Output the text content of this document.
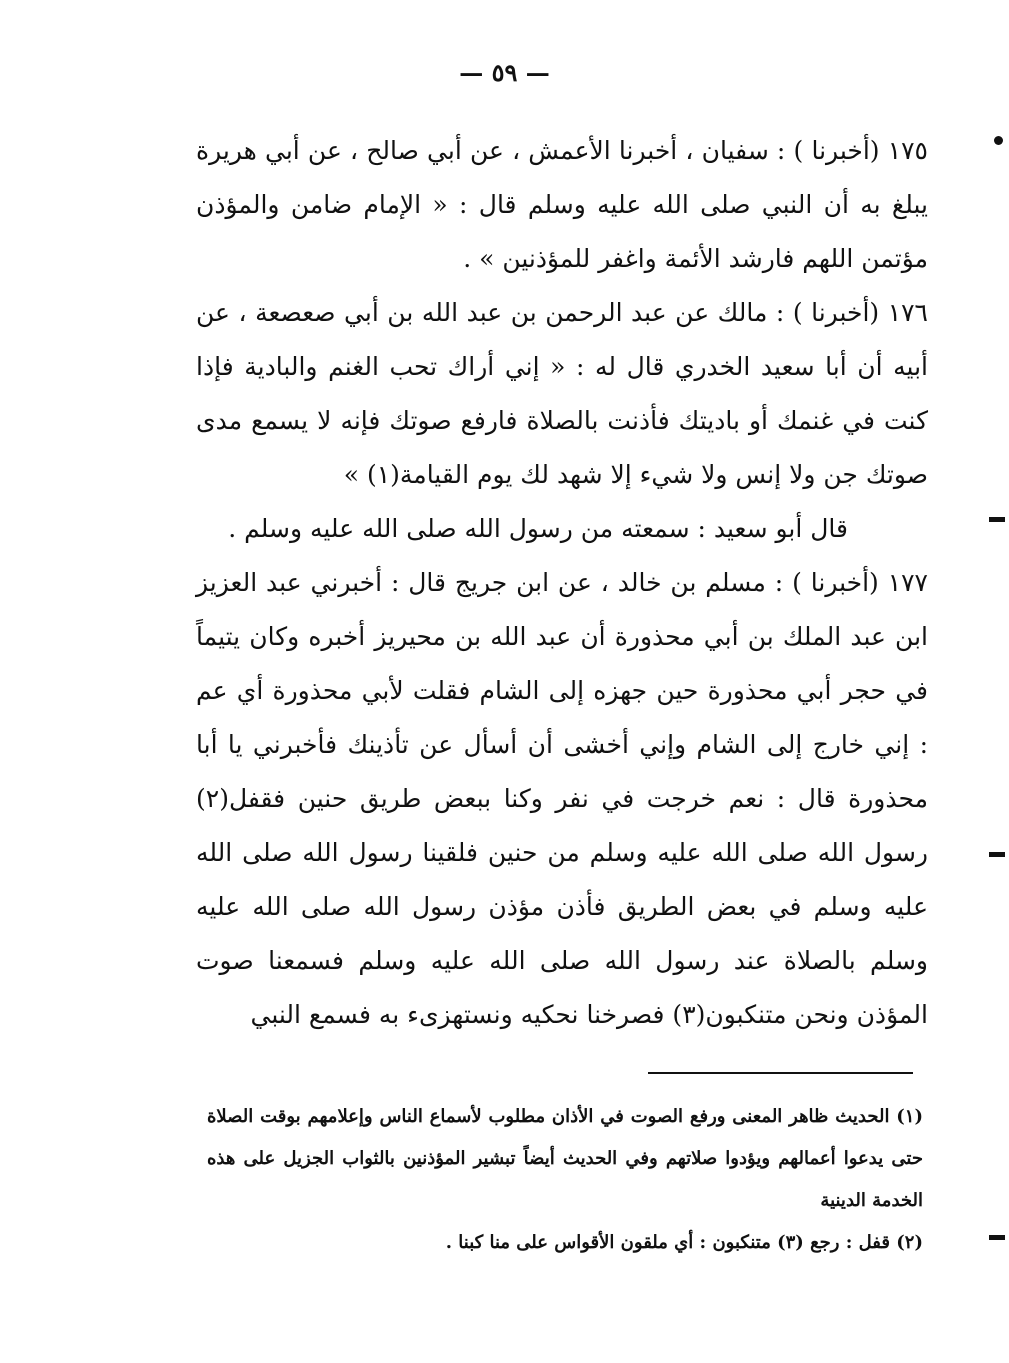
— ٥٩ —

١٧٥ (أخبرنا ) : سفيان ، أخبرنا الأعمش ، عن أبي صالح ، عن أبي هريرة يبلغ به أن النبي صلى الله عليه وسلم قال : « الإمام ضامن والمؤذن مؤتمن اللهم فارشد الأئمة واغفر للمؤذنين » .

١٧٦ (أخبرنا ) : مالك عن عبد الرحمن بن عبد الله بن أبي صعصعة ، عن أبيه أن أبا سعيد الخدري قال له : « إني أراك تحب الغنم والبادية فإذا كنت في غنمك أو باديتك فأذنت بالصلاة فارفع صوتك فإنه لا يسمع مدى صوتك جن ولا إنس ولا شيء إلا شهد لك يوم القيامة(١) »

قال أبو سعيد : سمعته من رسول الله صلى الله عليه وسلم .

١٧٧ (أخبرنا ) : مسلم بن خالد ، عن ابن جريج قال : أخبرني عبد العزيز ابن عبد الملك بن أبي محذورة أن عبد الله بن محيريز أخبره وكان يتيماً في حجر أبي محذورة حين جهزه إلى الشام فقلت لأبي محذورة أي عم : إني خارج إلى الشام وإني أخشى أن أسأل عن تأذينك فأخبرني يا أبا محذورة قال : نعم خرجت في نفر وكنا ببعض طريق حنين فقفل(٢) رسول الله صلى الله عليه وسلم من حنين فلقينا رسول الله صلى الله عليه وسلم في بعض الطريق فأذن مؤذن رسول الله صلى الله عليه وسلم بالصلاة عند رسول الله صلى الله عليه وسلم فسمعنا صوت المؤذن ونحن متنكبون(٣) فصرخنا نحكيه ونستهزىء به فسمع النبي

(١) الحديث ظاهر المعنى ورفع الصوت في الأذان مطلوب لأسماع الناس وإعلامهم بوقت الصلاة حتى يدعوا أعمالهم ويؤدوا صلاتهم وفي الحديث أيضاً تبشير المؤذنين بالثواب الجزيل على هذه الخدمة الدينية

(٢) قفل : رجع (٣) متنكبون : أي ملقون الأقواس على منا كبنا .
